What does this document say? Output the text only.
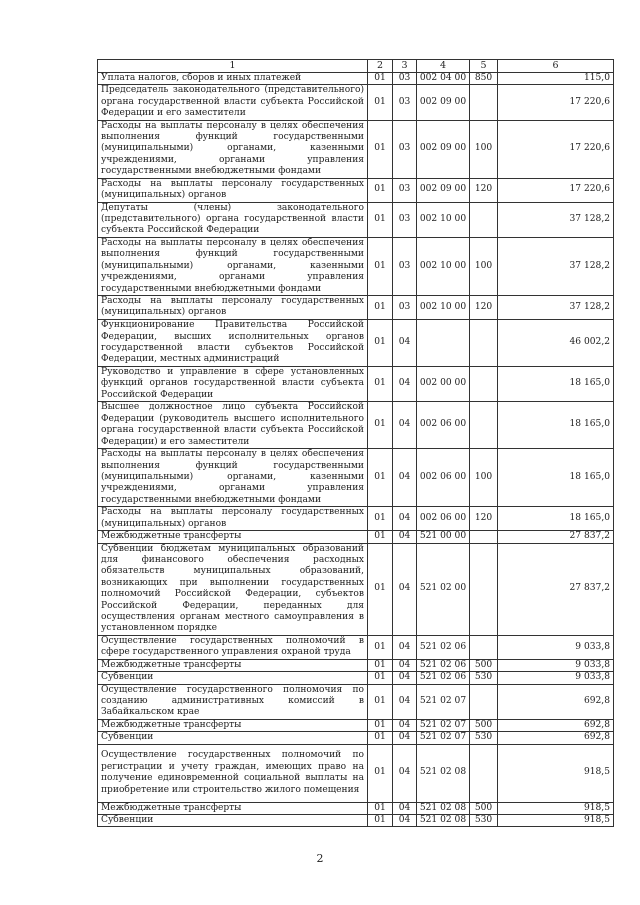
1	2	3	4	5	6
Уплата налогов, сборов и иных платежей	01	03	002 04 00	850	115,0
Председатель законодательного (представительного) органа государственной власти субъекта Российской Федерации и его заместители	01	03	002 09 00		17 220,6
Расходы на выплаты персоналу в целях обеспечения выполнения функций государственными (муниципальными) органами, казенными учреждениями, органами управления государственными внебюджетными фондами	01	03	002 09 00	100	17 220,6
Расходы на выплаты персоналу государственных (муниципальных) органов	01	03	002 09 00	120	17 220,6
Депутаты (члены) законодательного (представительного) органа государственной власти субъекта Российской Федерации	01	03	002 10 00		37 128,2
Расходы на выплаты персоналу в целях обеспечения выполнения функций государственными (муниципальными) органами, казенными учреждениями, органами управления государственными внебюджетными фондами	01	03	002 10 00	100	37 128,2
Расходы на выплаты персоналу государственных (муниципальных) органов	01	03	002 10 00	120	37 128,2
Функционирование Правительства Российской Федерации, высших исполнительных органов государственной власти субъектов Российской Федерации, местных администраций	01	04			46 002,2
Руководство и управление в сфере установленных функций органов государственной власти субъекта Российской Федерации	01	04	002 00 00		18 165,0
Высшее должностное лицо субъекта Российской Федерации (руководитель высшего исполнительного органа государственной власти субъекта Российской Федерации) и его заместители	01	04	002 06 00		18 165,0
Расходы на выплаты персоналу в целях обеспечения выполнения функций государственными (муниципальными) органами, казенными учреждениями, органами управления государственными внебюджетными фондами	01	04	002 06 00	100	18 165,0
Расходы на выплаты персоналу государственных (муниципальных) органов	01	04	002 06 00	120	18 165,0
Межбюджетные трансферты	01	04	521 00 00		27 837,2
Субвенции бюджетам муниципальных образований для финансового обеспечения расходных обязательств муниципальных образований, возникающих при выполнении государственных полномочий Российской Федерации, субъектов Российской Федерации, переданных для осуществления органам местного самоуправления в установленном порядке	01	04	521 02 00		27 837,2
Осуществление государственных полномочий в сфере государственного управления охраной труда	01	04	521 02 06		9 033,8
Межбюджетные трансферты	01	04	521 02 06	500	9 033,8
Субвенции	01	04	521 02 06	530	9 033,8
Осуществление государственного полномочия по созданию административных комиссий в Забайкальском крае	01	04	521 02 07		692,8
Межбюджетные трансферты	01	04	521 02 07	500	692,8
Субвенции	01	04	521 02 07	530	692,8
Осуществление государственных полномочий по регистрации и учету граждан, имеющих право на получение единовременной социальной выплаты на приобретение или строительство жилого помещения	01	04	521 02 08		918,5
Межбюджетные трансферты	01	04	521 02 08	500	918,5
Субвенции	01	04	521 02 08	530	918,5
2
